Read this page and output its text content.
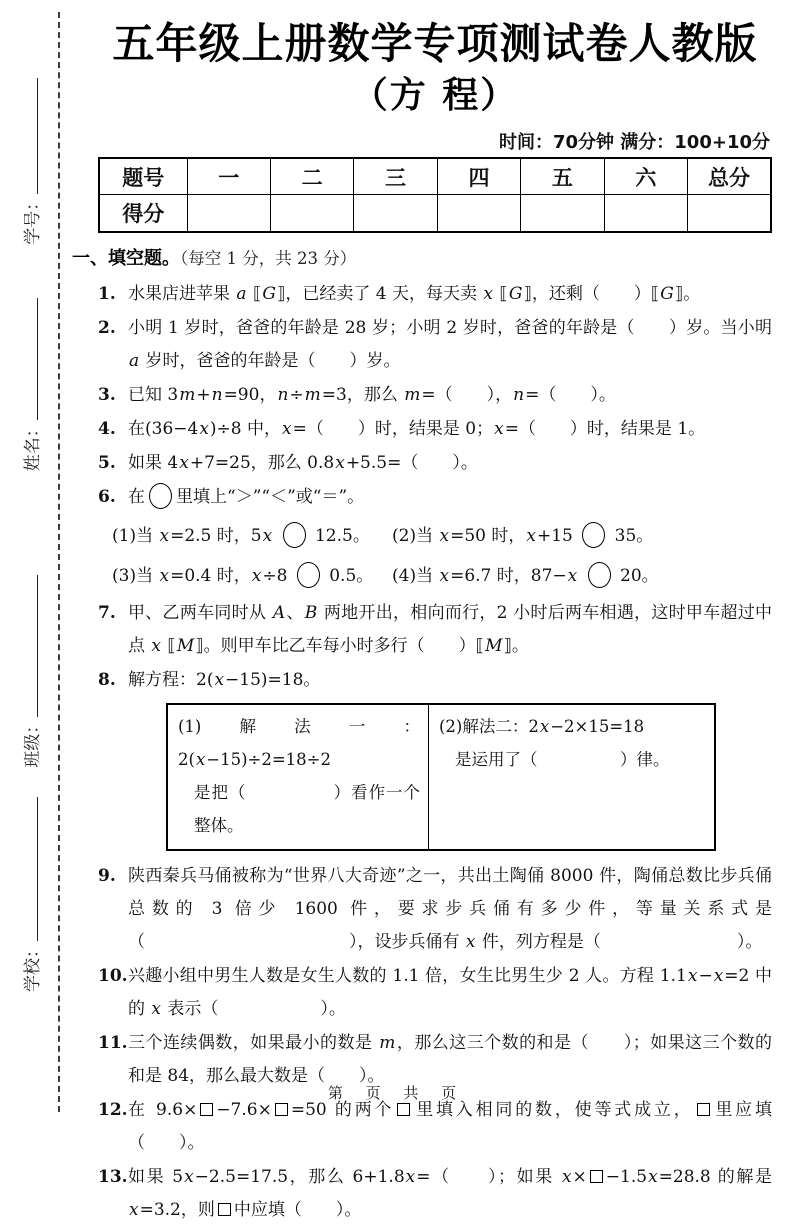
学校： 班级： 姓名： 学号：
五年级上册数学专项测试卷人教版
（方 程）
时间：70分钟 满分：100+10分
题号	一	二	三	四	五	六	总分
得分							
一、填空题。（每空 1 分，共 23 分）
1. 水果店进苹果 a ⟦G⟧，已经卖了 4 天，每天卖 x ⟦G⟧，还剩（　　）⟦G⟧。
2. 小明 1 岁时，爸爸的年龄是 28 岁；小明 2 岁时，爸爸的年龄是（　　）岁。当小明 a 岁时，爸爸的年龄是（　　）岁。
3. 已知 3m+n=90，n÷m=3，那么 m=（　　），n=（　　）。
4. 在(36−4x)÷8 中，x=（　　）时，结果是 0；x=（　　）时，结果是 1。
5. 如果 4x+7=25，那么 0.8x+5.5=（　　）。
6. 在 里填上“＞”“＜”或“＝”。
(1)当 x=2.5 时，5x  12.5。	(2)当 x=50 时，x+15  35。
(3)当 x=0.4 时，x÷8  0.5。	(4)当 x=6.7 时，87−x  20。
7. 甲、乙两车同时从 A、B 两地开出，相向而行，2 小时后两车相遇，这时甲车超过中点 x ⟦M⟧。则甲车比乙车每小时多行（　　）⟦M⟧。
8. 解方程：2(x−15)=18。
(1)解法一：2(x−15)÷2=18÷2
是把（　　　　　）看作一个整体。
(2)解法二：2x−2×15=18
是运用了（　　　　　）律。
9. 陕西秦兵马俑被称为“世界八大奇迹”之一，共出土陶俑 8000 件，陶俑总数比步兵俑总数的 3 倍少 1600 件，要求步兵俑有多少件，等量关系式是（　　　　　　　　　　　　），设步兵俑有 x 件，列方程是（　　　　　　　　）。
10. 兴趣小组中男生人数是女生人数的 1.1 倍，女生比男生少 2 人。方程 1.1x−x=2 中的 x 表示（　　　　　　）。
11. 三个连续偶数，如果最小的数是 m，那么这三个数的和是（　　）；如果这三个数的和是 84，那么最大数是（　　）。
12. 在 9.6× −7.6× =50 的两个 里填入相同的数，使等式成立， 里应填（　　）。
13. 如果 5x−2.5=17.5，那么 6+1.8x=（　　）；如果 x× −1.5x=28.8 的解是 x=3.2，则 中应填（　　）。
第 页 共 页
